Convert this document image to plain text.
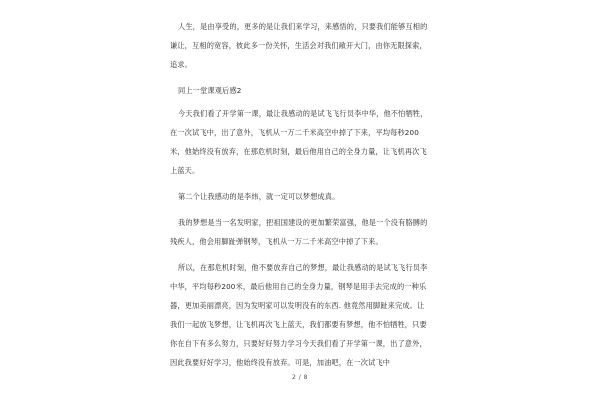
人生，是由享受的，更多的是让我们来学习，来感悟的，只要我们能够互相的
谦让，互相的宽容，彼此多一份关怀，生活会对我们敞开大门，由你无限探索，
追求。
同上一堂课观后感2
今天我们看了开学第一课，最让我感动的是试飞飞行员李中华，他不怕牺牲，
在一次试飞中，出了意外，飞机从一万二千米高空中掉了下来，平均每秒200
米，他始终没有放弃，在那危机时刻，最后他用自己的全身力量，让飞机再次飞
上蓝天。
第二个让我感动的是李炜，就一定可以梦想成真。
我的梦想是当一名发明家，把祖国建设的更加繁荣富强，他是一个没有胳膊的
残疾人，他会用脚趾弹钢琴，飞机从一万二千米高空中掉了下来。
所以，在那危机时刻，他不要放弃自己的梦想，最让我感动的是试飞飞行员李
中华，平均每秒200米，最后他用自己的全身力量，钢琴是用手去完成的一种乐
器，更加美丽漂亮，因为发明家可以发明没有的东西. 他竟然用脚趾来完成。让
我们一起放飞梦想，让飞机再次飞上蓝天，我们都要有梦想，他不怕牺牲，只要
你在自下有多么努力，只要好好努力学习今天我们看了开学第一课，出了意外，
因此我要好好学习，他始终没有放弃。可是，加油吧，在一次试飞中
2 / 8
